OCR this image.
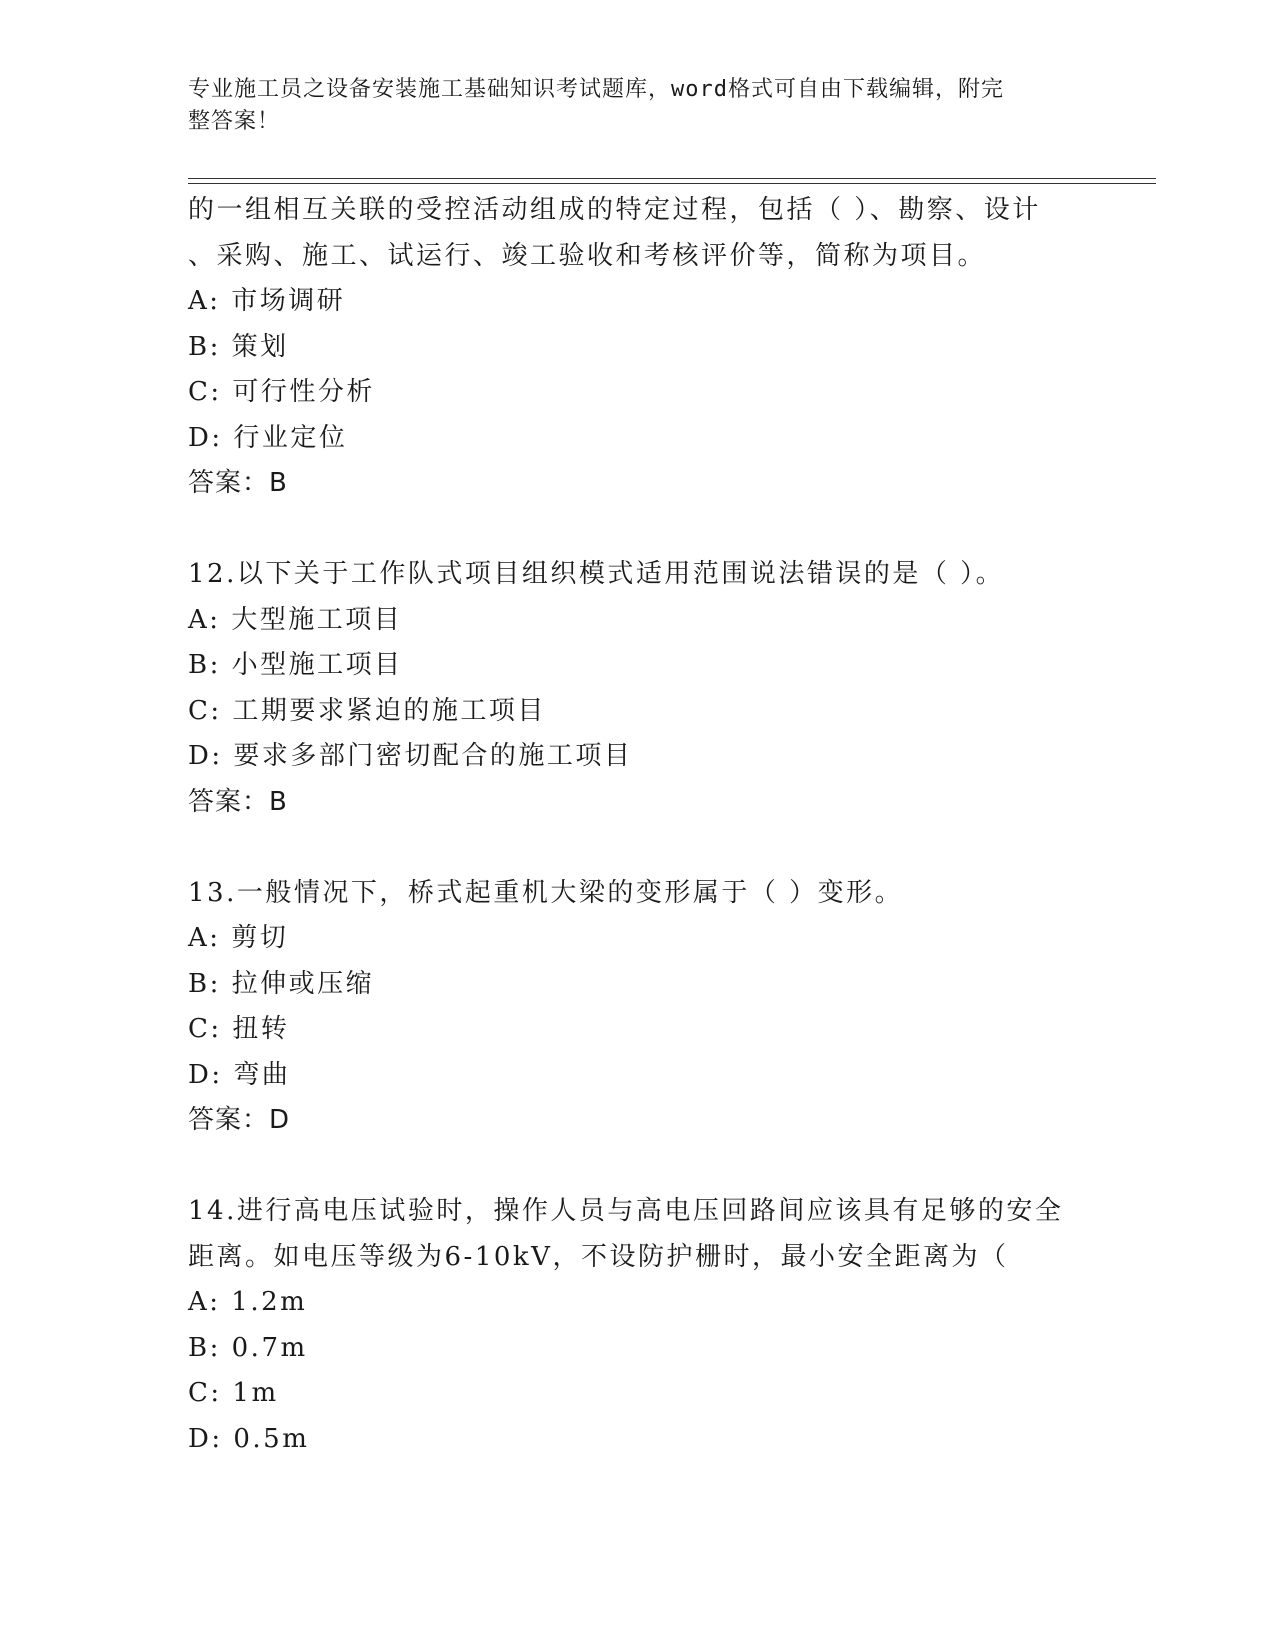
专业施工员之设备安装施工基础知识考试题库，word格式可自由下载编辑，附完
整答案！
的一组相互关联的受控活动组成的特定过程，包括（ ）、勘察、设计
、采购、施工、试运行、竣工验收和考核评价等，简称为项目。
A: 市场调研
B: 策划
C: 可行性分析
D: 行业定位
答案：B
12.以下关于工作队式项目组织模式适用范围说法错误的是（ ）。
A: 大型施工项目
B: 小型施工项目
C: 工期要求紧迫的施工项目
D: 要求多部门密切配合的施工项目
答案：B
13.一般情况下，桥式起重机大梁的变形属于（ ）变形。
A: 剪切
B: 拉伸或压缩
C: 扭转
D: 弯曲
答案：D
14.进行高电压试验时，操作人员与高电压回路间应该具有足够的安全
距离。如电压等级为6-10kV，不设防护栅时，最小安全距离为（
A: 1.2m
B: 0.7m
C: 1m
D: 0.5m
